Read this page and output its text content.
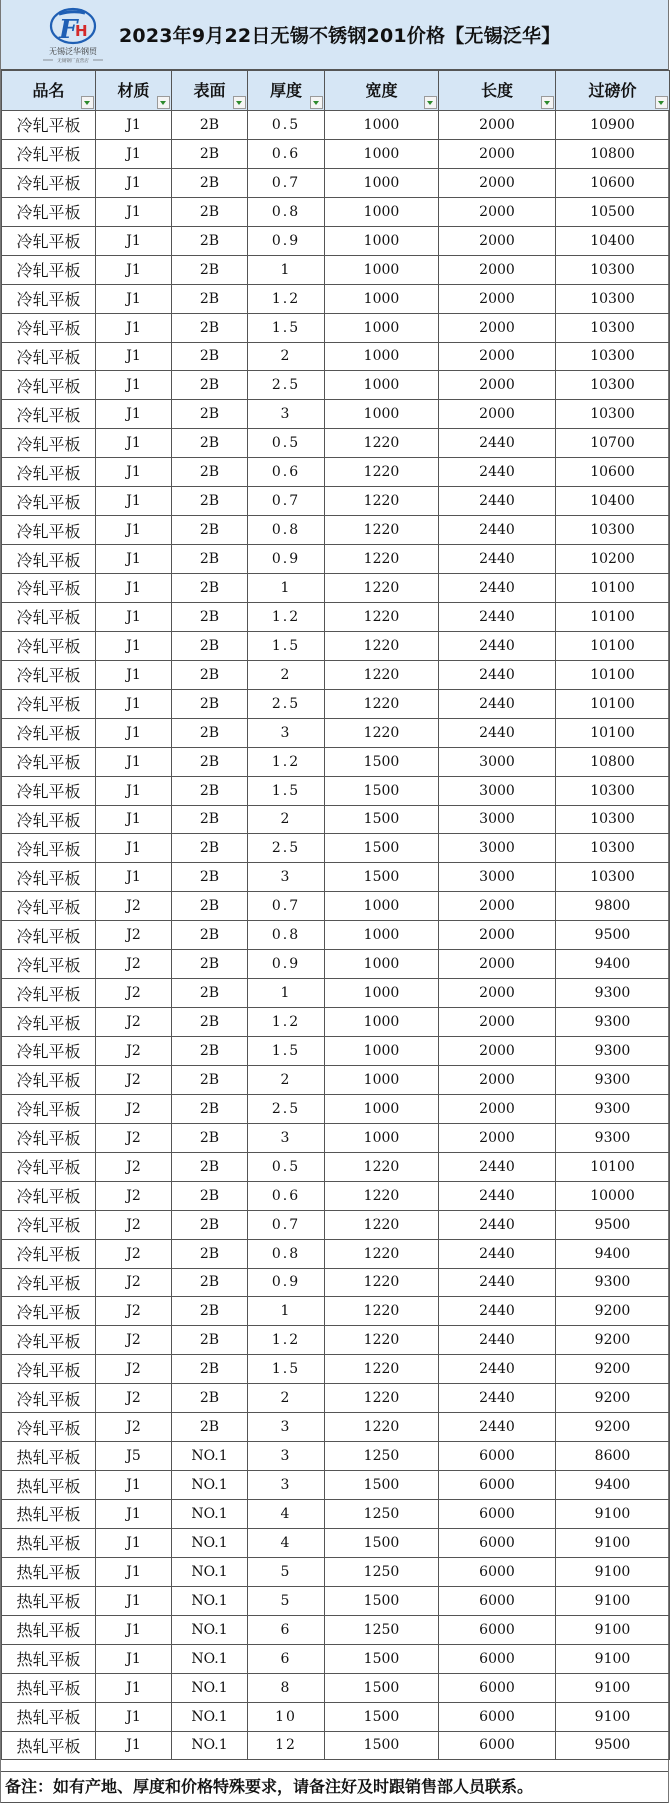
F
H
无锡泛华钢贸
无锡钢厂直营店
2023年9月22日无锡不锈钢201价格【无锡泛华】
品名	材质	表面	厚度	宽度	长度	过磅价

冷轧平板	J1	2B	0.5	1000	2000	10900
冷轧平板	J1	2B	0.6	1000	2000	10800
冷轧平板	J1	2B	0.7	1000	2000	10600
冷轧平板	J1	2B	0.8	1000	2000	10500
冷轧平板	J1	2B	0.9	1000	2000	10400
冷轧平板	J1	2B	1	1000	2000	10300
冷轧平板	J1	2B	1.2	1000	2000	10300
冷轧平板	J1	2B	1.5	1000	2000	10300
冷轧平板	J1	2B	2	1000	2000	10300
冷轧平板	J1	2B	2.5	1000	2000	10300
冷轧平板	J1	2B	3	1000	2000	10300
冷轧平板	J1	2B	0.5	1220	2440	10700
冷轧平板	J1	2B	0.6	1220	2440	10600
冷轧平板	J1	2B	0.7	1220	2440	10400
冷轧平板	J1	2B	0.8	1220	2440	10300
冷轧平板	J1	2B	0.9	1220	2440	10200
冷轧平板	J1	2B	1	1220	2440	10100
冷轧平板	J1	2B	1.2	1220	2440	10100
冷轧平板	J1	2B	1.5	1220	2440	10100
冷轧平板	J1	2B	2	1220	2440	10100
冷轧平板	J1	2B	2.5	1220	2440	10100
冷轧平板	J1	2B	3	1220	2440	10100
冷轧平板	J1	2B	1.2	1500	3000	10800
冷轧平板	J1	2B	1.5	1500	3000	10300
冷轧平板	J1	2B	2	1500	3000	10300
冷轧平板	J1	2B	2.5	1500	3000	10300
冷轧平板	J1	2B	3	1500	3000	10300
冷轧平板	J2	2B	0.7	1000	2000	9800
冷轧平板	J2	2B	0.8	1000	2000	9500
冷轧平板	J2	2B	0.9	1000	2000	9400
冷轧平板	J2	2B	1	1000	2000	9300
冷轧平板	J2	2B	1.2	1000	2000	9300
冷轧平板	J2	2B	1.5	1000	2000	9300
冷轧平板	J2	2B	2	1000	2000	9300
冷轧平板	J2	2B	2.5	1000	2000	9300
冷轧平板	J2	2B	3	1000	2000	9300
冷轧平板	J2	2B	0.5	1220	2440	10100
冷轧平板	J2	2B	0.6	1220	2440	10000
冷轧平板	J2	2B	0.7	1220	2440	9500
冷轧平板	J2	2B	0.8	1220	2440	9400
冷轧平板	J2	2B	0.9	1220	2440	9300
冷轧平板	J2	2B	1	1220	2440	9200
冷轧平板	J2	2B	1.2	1220	2440	9200
冷轧平板	J2	2B	1.5	1220	2440	9200
冷轧平板	J2	2B	2	1220	2440	9200
冷轧平板	J2	2B	3	1220	2440	9200
热轧平板	J5	NO.1	3	1250	6000	8600
热轧平板	J1	NO.1	3	1500	6000	9400
热轧平板	J1	NO.1	4	1250	6000	9100
热轧平板	J1	NO.1	4	1500	6000	9100
热轧平板	J1	NO.1	5	1250	6000	9100
热轧平板	J1	NO.1	5	1500	6000	9100
热轧平板	J1	NO.1	6	1250	6000	9100
热轧平板	J1	NO.1	6	1500	6000	9100
热轧平板	J1	NO.1	8	1500	6000	9100
热轧平板	J1	NO.1	10	1500	6000	9100
热轧平板	J1	NO.1	12	1500	6000	9500
备注：如有产地、厚度和价格特殊要求，请备注好及时跟销售部人员联系。
